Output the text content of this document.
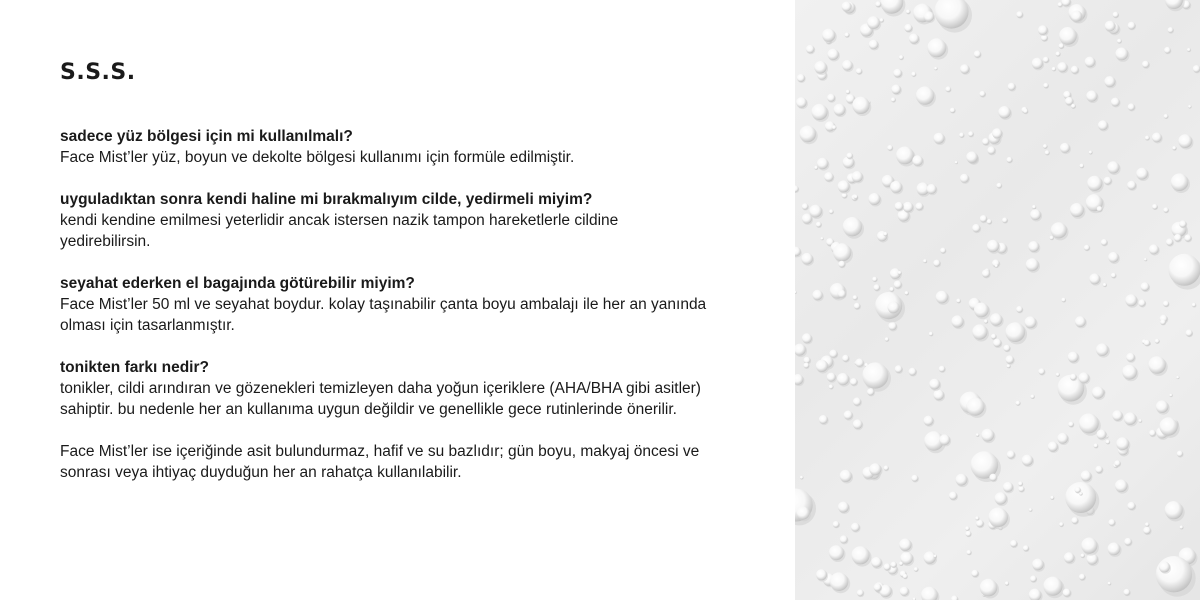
S.S.S.

sadece yüz bölgesi için mi kullanılmalı?

Face Mist’ler yüz, boyun ve dekolte bölgesi kullanımı için formüle edilmiştir.

uyguladıktan sonra kendi haline mi bırakmalıyım cilde, yedirmeli miyim?

kendi kendine emilmesi yeterlidir ancak istersen nazik tampon hareketlerle cildine
yedirebilirsin.

seyahat ederken el bagajında götürebilir miyim?

Face Mist’ler 50 ml ve seyahat boydur. kolay taşınabilir çanta boyu ambalajı ile her an yanında
olması için tasarlanmıştır.

tonikten farkı nedir?

tonikler, cildi arındıran ve gözenekleri temizleyen daha yoğun içeriklere (AHA/BHA gibi asitler)
sahiptir. bu nedenle her an kullanıma uygun değildir ve genellikle gece rutinlerinde önerilir.

Face Mist’ler ise içeriğinde asit bulundurmaz, hafif ve su bazlıdır; gün boyu, makyaj öncesi ve
sonrası veya ihtiyaç duyduğun her an rahatça kullanılabilir.
